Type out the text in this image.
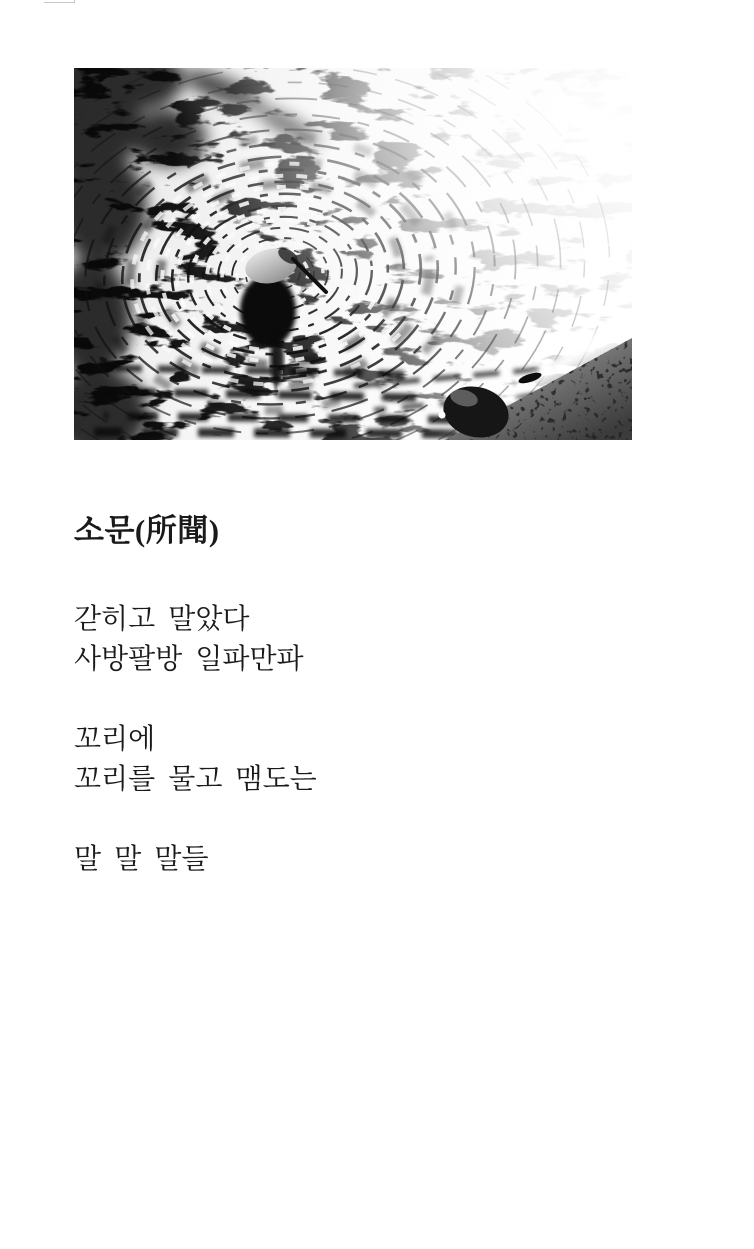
소문(所聞)

갇히고 말았다

사방팔방 일파만파

꼬리에

꼬리를 물고 맴도는

말 말 말들
